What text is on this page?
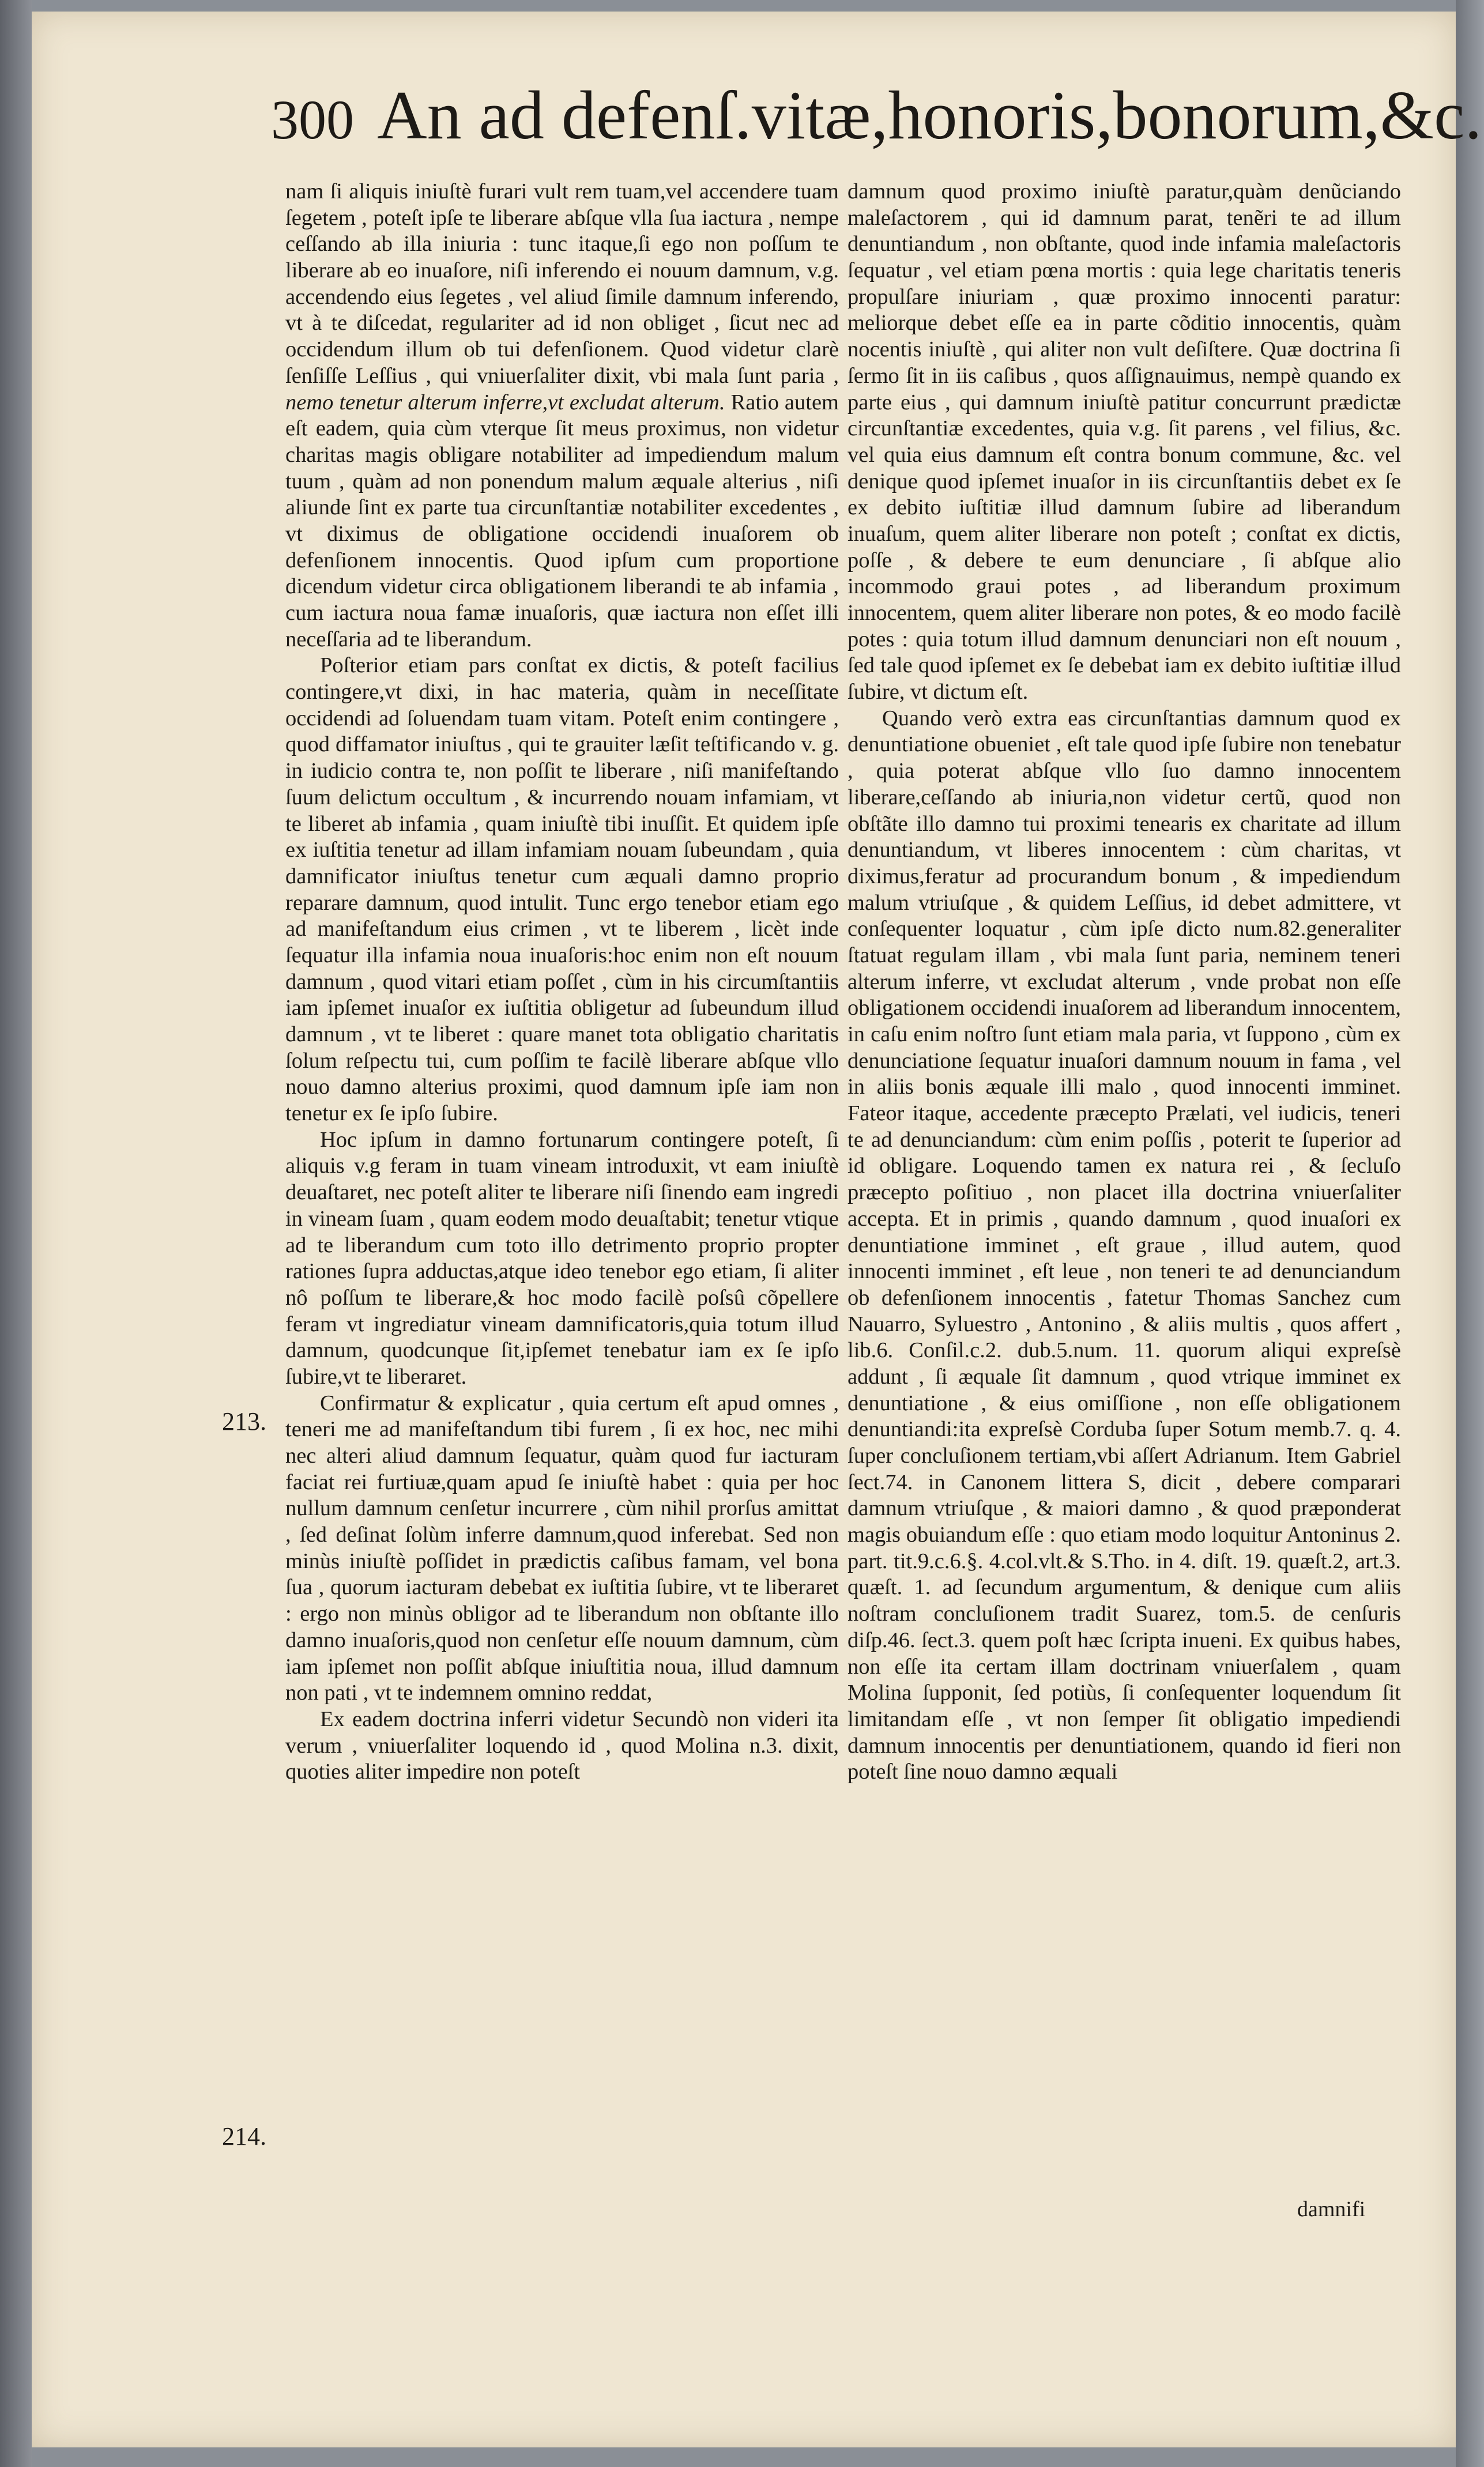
300 An ad defenſ.vitæ,honoris,bonorum,&c.

nam ſi aliquis iniuſtè furari vult rem tuam,vel accendere tuam ſegetem , poteſt ipſe te liberare abſque vlla ſua iactura , nempe ceſſando ab illa iniuria : tunc itaque,ſi ego non poſſum te liberare ab eo inuaſore, niſi inferendo ei nouum damnum, v.g. accendendo eius ſegetes , vel aliud ſimile damnum inferendo, vt à te diſcedat, regulariter ad id non obliget , ſicut nec ad occidendum illum ob tui defenſionem. Quod videtur clarè ſenſiſſe Leſſius , qui vniuerſaliter dixit, vbi mala ſunt paria , nemo tenetur alterum inferre,vt excludat alterum. Ratio autem eſt eadem, quia cùm vterque ſit meus proximus, non videtur charitas magis obligare notabiliter ad impediendum malum tuum , quàm ad non ponendum malum æquale alterius , niſi aliunde ſint ex parte tua circunſtantiæ notabiliter excedentes , vt diximus de obligatione occidendi inuaſorem ob defenſionem innocentis. Quod ipſum cum proportione dicendum videtur circa obligationem liberandi te ab infamia , cum iactura noua famæ inuaſoris, quæ iactura non eſſet illi neceſſaria ad te liberandum.

Poſterior etiam pars conſtat ex dictis, & poteſt facilius contingere,vt dixi, in hac materia, quàm in neceſſitate occidendi ad ſoluendam tuam vitam. Poteſt enim contingere , quod diffamator iniuſtus , qui te grauiter læſit teſtificando v. g. in iudicio contra te, non poſſit te liberare , niſi manifeſtando ſuum delictum occultum , & incurrendo nouam infamiam, vt te liberet ab infamia , quam iniuſtè tibi inuſſit. Et quidem ipſe ex iuſtitia tenetur ad illam infamiam nouam ſubeundam , quia damnificator iniuſtus tenetur cum æquali damno proprio reparare damnum, quod intulit. Tunc ergo tenebor etiam ego ad manifeſtandum eius crimen , vt te liberem , licèt inde ſequatur illa infamia noua inuaſoris:hoc enim non eſt nouum damnum , quod vitari etiam poſſet , cùm in his circumſtantiis iam ipſemet inuaſor ex iuſtitia obligetur ad ſubeundum illud damnum , vt te liberet : quare manet tota obligatio charitatis ſolum reſpectu tui, cum poſſim te facilè liberare abſque vllo nouo damno alterius proximi, quod damnum ipſe iam non tenetur ex ſe ipſo ſubire.

Hoc ipſum in damno fortunarum contingere poteſt, ſi aliquis v.g feram in tuam vineam introduxit, vt eam iniuſtè deuaſtaret, nec poteſt aliter te liberare niſi ſinendo eam ingredi in vineam ſuam , quam eodem modo deuaſtabit; tenetur vtique ad te liberandum cum toto illo detrimento proprio propter rationes ſupra adductas,atque ideo tenebor ego etiam, ſi aliter nô poſſum te liberare,& hoc modo facilè poſsû cõpellere feram vt ingrediatur vineam damnificatoris,quia totum illud damnum, quodcunque ſit,ipſemet tenebatur iam ex ſe ipſo ſubire,vt te liberaret.

Confirmatur & explicatur , quia certum eſt apud omnes , teneri me ad manifeſtandum tibi furem , ſi ex hoc, nec mihi nec alteri aliud damnum ſequatur, quàm quod fur iacturam faciat rei furtiuæ,quam apud ſe iniuſtè habet : quia per hoc nullum damnum cenſetur incurrere , cùm nihil prorſus amittat , ſed deſinat ſolùm inferre damnum,quod inferebat. Sed non minùs iniuſtè poſſidet in prædictis caſibus famam, vel bona ſua , quorum iacturam debebat ex iuſtitia ſubire, vt te liberaret : ergo non minùs obligor ad te liberandum non obſtante illo damno inuaſoris,quod non cenſetur eſſe nouum damnum, cùm iam ipſemet non poſſit abſque iniuſtitia noua, illud damnum non pati , vt te indemnem omnino reddat,

Ex eadem doctrina inferri videtur Secundò non videri ita verum , vniuerſaliter loquendo id , quod Molina n.3. dixit, quoties aliter impedire non poteſt

213.
214.

damnum quod proximo iniuſtè paratur,quàm denũciando maleſactorem , qui id damnum parat, tenẽri te ad illum denuntiandum , non obſtante, quod inde infamia maleſactoris ſequatur , vel etiam pœna mortis : quia lege charitatis teneris propulſare iniuriam , quæ proximo innocenti paratur: meliorque debet eſſe ea in parte cõditio innocentis, quàm nocentis iniuſtè , qui aliter non vult deſiſtere. Quæ doctrina ſi ſermo ſit in iis caſibus , quos aſſignauimus, nempè quando ex parte eius , qui damnum iniuſtè patitur concurrunt prædictæ circunſtantiæ excedentes, quia v.g. ſit parens , vel filius, &c. vel quia eius damnum eſt contra bonum commune, &c. vel denique quod ipſemet inuaſor in iis circunſtantiis debet ex ſe ex debito iuſtitiæ illud damnum ſubire ad liberandum inuaſum, quem aliter liberare non poteſt ; conſtat ex dictis, poſſe , & debere te eum denunciare , ſi abſque alio incommodo graui potes , ad liberandum proximum innocentem, quem aliter liberare non potes, & eo modo facilè potes : quia totum illud damnum denunciari non eſt nouum , ſed tale quod ipſemet ex ſe debebat iam ex debito iuſtitiæ illud ſubire, vt dictum eſt.

Quando verò extra eas circunſtantias damnum quod ex denuntiatione obueniet , eſt tale quod ipſe ſubire non tenebatur , quia poterat abſque vllo ſuo damno innocentem liberare,ceſſando ab iniuria,non videtur certũ, quod non obſtãte illo damno tui proximi tenearis ex charitate ad illum denuntiandum, vt liberes innocentem : cùm charitas, vt diximus,feratur ad procurandum bonum , & impediendum malum vtriuſque , & quidem Leſſius, id debet admittere, vt conſequenter loquatur , cùm ipſe dicto num.82.generaliter ſtatuat regulam illam , vbi mala ſunt paria, neminem teneri alterum inferre, vt excludat alterum , vnde probat non eſſe obligationem occidendi inuaſorem ad liberandum innocentem, in caſu enim noſtro ſunt etiam mala paria, vt ſuppono , cùm ex denunciatione ſequatur inuaſori damnum nouum in fama , vel in aliis bonis æquale illi malo , quod innocenti imminet. Fateor itaque, accedente præcepto Prælati, vel iudicis, teneri te ad denunciandum: cùm enim poſſis , poterit te ſuperior ad id obligare. Loquendo tamen ex natura rei , & ſecluſo præcepto poſitiuo , non placet illa doctrina vniuerſaliter accepta. Et in primis , quando damnum , quod inuaſori ex denuntiatione imminet , eſt graue , illud autem, quod innocenti imminet , eſt leue , non teneri te ad denunciandum ob defenſionem innocentis , fatetur Thomas Sanchez cum Nauarro, Syluestro , Antonino , & aliis multis , quos affert , lib.6. Conſil.c.2. dub.5.num. 11. quorum aliqui expreſsè addunt , ſi æquale ſit damnum , quod vtrique imminet ex denuntiatione , & eius omiſſione , non eſſe obligationem denuntiandi:ita expreſsè Corduba ſuper Sotum memb.7. q. 4. ſuper concluſionem tertiam,vbi aſſert Adrianum. Item Gabriel ſect.74. in Canonem littera S, dicit , debere comparari damnum vtriuſque , & maiori damno , & quod præponderat magis obuiandum eſſe : quo etiam modo loquitur Antoninus 2. part. tit.9.c.6.§. 4.col.vlt.& S.Tho. in 4. diſt. 19. quæſt.2, art.3. quæſt. 1. ad ſecundum argumentum, & denique cum aliis noſtram concluſionem tradit Suarez, tom.5. de cenſuris diſp.46. ſect.3. quem poſt hæc ſcripta inueni. Ex quibus habes, non eſſe ita certam illam doctrinam vniuerſalem , quam Molina ſupponit, ſed potiùs, ſi conſequenter loquendum ſit limitandam eſſe , vt non ſemper ſit obligatio impediendi damnum innocentis per denuntiationem, quando id fieri non poteſt ſine nouo damno æquali

damnifi
